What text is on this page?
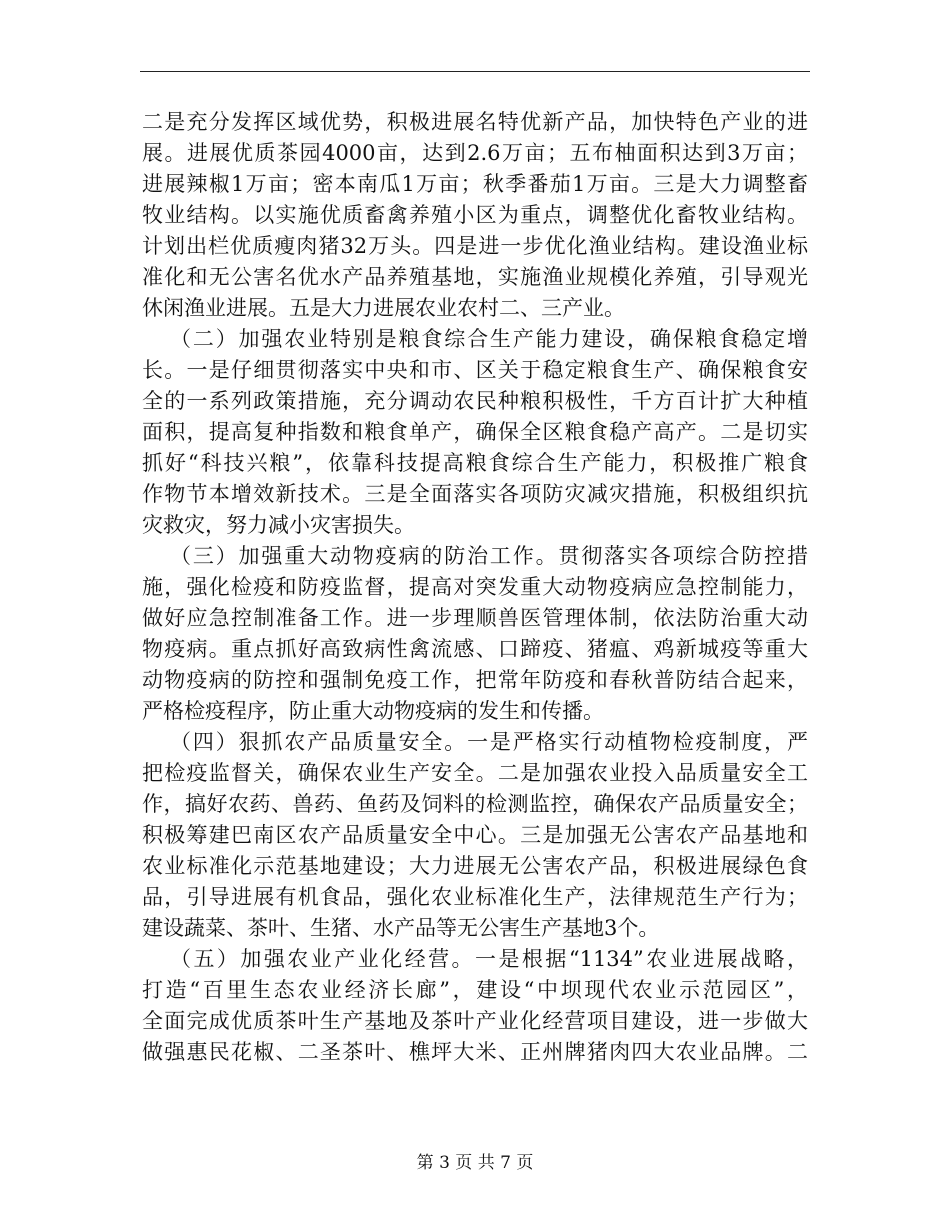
二是充分发挥区域优势，积极进展名特优新产品，加快特色产业的进
展。进展优质茶园4000亩，达到2.6万亩；五布柚面积达到3万亩；
进展辣椒1万亩；密本南瓜1万亩；秋季番茄1万亩。三是大力调整畜
牧业结构。以实施优质畜禽养殖小区为重点，调整优化畜牧业结构。
计划出栏优质瘦肉猪32万头。四是进一步优化渔业结构。建设渔业标
准化和无公害名优水产品养殖基地，实施渔业规模化养殖，引导观光
休闲渔业进展。五是大力进展农业农村二、三产业。
（二）加强农业特别是粮食综合生产能力建设，确保粮食稳定增
长。一是仔细贯彻落实中央和市、区关于稳定粮食生产、确保粮食安
全的一系列政策措施，充分调动农民种粮积极性，千方百计扩大种植
面积，提高复种指数和粮食单产，确保全区粮食稳产高产。二是切实
抓好“科技兴粮”，依靠科技提高粮食综合生产能力，积极推广粮食
作物节本增效新技术。三是全面落实各项防灾减灾措施，积极组织抗
灾救灾，努力减小灾害损失。
（三）加强重大动物疫病的防治工作。贯彻落实各项综合防控措
施，强化检疫和防疫监督，提高对突发重大动物疫病应急控制能力，
做好应急控制准备工作。进一步理顺兽医管理体制，依法防治重大动
物疫病。重点抓好高致病性禽流感、口蹄疫、猪瘟、鸡新城疫等重大
动物疫病的防控和强制免疫工作，把常年防疫和春秋普防结合起来，
严格检疫程序，防止重大动物疫病的发生和传播。
（四）狠抓农产品质量安全。一是严格实行动植物检疫制度，严
把检疫监督关，确保农业生产安全。二是加强农业投入品质量安全工
作，搞好农药、兽药、鱼药及饲料的检测监控，确保农产品质量安全；
积极筹建巴南区农产品质量安全中心。三是加强无公害农产品基地和
农业标准化示范基地建设；大力进展无公害农产品，积极进展绿色食
品，引导进展有机食品，强化农业标准化生产，法律规范生产行为；
建设蔬菜、茶叶、生猪、水产品等无公害生产基地3个。
（五）加强农业产业化经营。一是根据“1134”农业进展战略，
打造“百里生态农业经济长廊”，建设“中坝现代农业示范园区”，
全面完成优质茶叶生产基地及茶叶产业化经营项目建设，进一步做大
做强惠民花椒、二圣茶叶、樵坪大米、正州牌猪肉四大农业品牌。二
第 3 页 共 7 页
